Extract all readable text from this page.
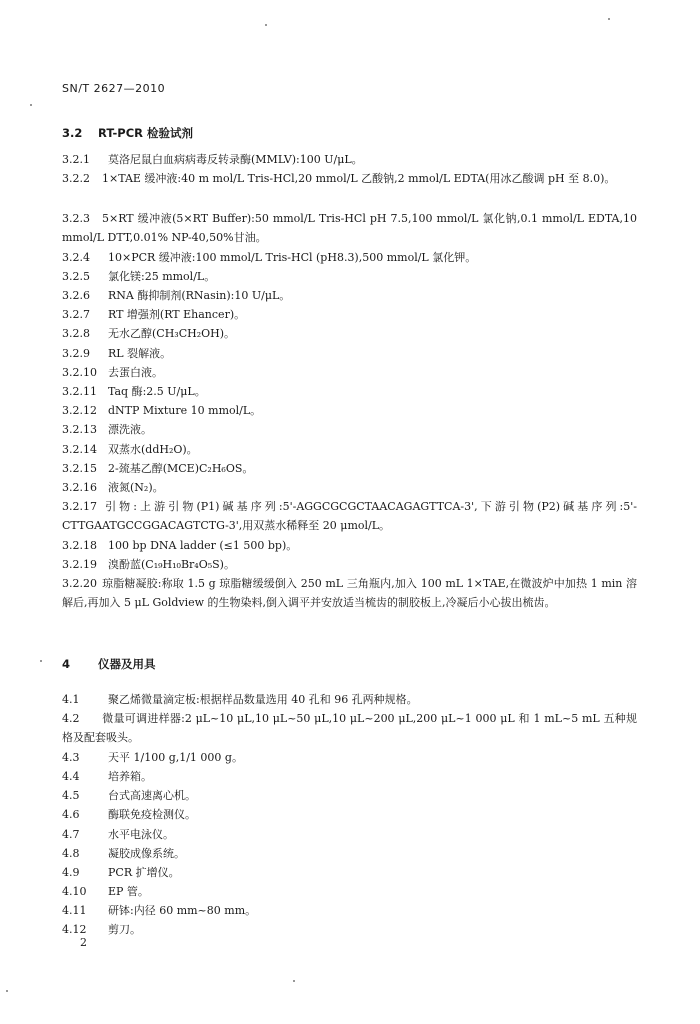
SN/T 2627—2010
3.2 RT-PCR 检验试剂
3.2.1 莫洛尼鼠白血病病毒反转录酶(MMLV):100 U/μL。
3.2.2 1×TAE 缓冲液:40 m mol/L Tris-HCl,20 mmol/L 乙酸钠,2 mmol/L EDTA(用冰乙酸调 pH 至 8.0)。
3.2.3 5×RT 缓冲液(5×RT Buffer):50 mmol/L Tris-HCl pH 7.5,100 mmol/L 氯化钠,0.1 mmol/L EDTA,10 mmol/L DTT,0.01% NP-40,50%甘油。
3.2.4 10×PCR 缓冲液:100 mmol/L Tris-HCl (pH8.3),500 mmol/L 氯化钾。
3.2.5 氯化镁:25 mmol/L。
3.2.6 RNA 酶抑制剂(RNasin):10 U/μL。
3.2.7 RT 增强剂(RT Ehancer)。
3.2.8 无水乙醇(CH₃CH₂OH)。
3.2.9 RL 裂解液。
3.2.10 去蛋白液。
3.2.11 Taq 酶:2.5 U/μL。
3.2.12 dNTP Mixture 10 mmol/L。
3.2.13 漂洗液。
3.2.14 双蒸水(ddH₂O)。
3.2.15 2-巯基乙醇(MCE)C₂H₆OS。
3.2.16 液氮(N₂)。
3.2.17 引物:上游引物(P1)碱基序列:5'-AGGCGCGCTAACAGAGTTCA-3',下游引物(P2)碱基序列:5'-CTTGAATGCCGGACAGTCTG-3',用双蒸水稀释至 20 μmol/L。
3.2.18 100 bp DNA ladder (≤1 500 bp)。
3.2.19 溴酚蓝(C₁₉H₁₀Br₄O₅S)。
3.2.20 琼脂糖凝胶:称取 1.5 g 琼脂糖缓缓倒入 250 mL 三角瓶内,加入 100 mL 1×TAE,在微波炉中加热 1 min 溶解后,再加入 5 μL Goldview 的生物染料,倒入调平并安放适当梳齿的制胶板上,冷凝后小心拔出梳齿。
4 仪器及用具
4.1	聚乙烯微量滴定板:根据样品数量选用 40 孔和 96 孔两种规格。
4.2 微量可调进样器:2 μL~10 μL,10 μL~50 μL,10 μL~200 μL,200 μL~1 000 μL 和 1 mL~5 mL 五种规格及配套吸头。
4.3	天平 1/100 g,1/1 000 g。
4.4	培养箱。
4.5	台式高速离心机。
4.6	酶联免疫检测仪。
4.7	水平电泳仪。
4.8	凝胶成像系统。
4.9	PCR 扩增仪。
4.10 EP 管。
4.11 研钵:内径 60 mm~80 mm。
4.12 剪刀。
2
